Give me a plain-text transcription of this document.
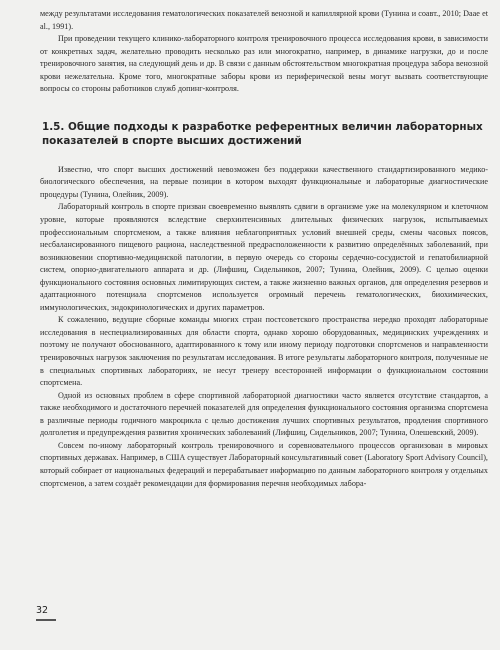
между результатами исследования гематологических показателей венозной и капиллярной крови (Тунина и соавт., 2010; Daae et al., 1991).

При проведении текущего клинико-лабораторного контроля тренировочного процесса исследования крови, в зависимости от конкретных задач, желательно проводить несколько раз или многократно, например, в динамике нагрузки, до и после тренировочного занятия, на следующий день и др. В связи с данным обстоятельством многократная процедура забора венозной крови нежелательна. Кроме того, многократные заборы крови из периферической вены могут вызвать соответствующие вопросы со стороны работников служб допинг-контроля.

1.5. Общие подходы к разработке референтных величин лабораторных показателей в спорте высших достижений

Известно, что спорт высших достижений невозможен без поддержки качественного стандартизированного медико-биологического обеспечения, на первые позиции в котором выходят функциональные и лабораторные диагностические процедуры (Тунина, Олейник, 2009).

Лабораторный контроль в спорте призван своевременно выявлять сдвиги в организме уже на молекулярном и клеточном уровне, которые проявляются вследствие сверхинтенсивных длительных физических нагрузок, испытываемых профессиональным спортсменом, а также влияния неблагоприятных условий внешней среды, смены часовых поясов, несбалансированного пищевого рациона, наследственной предрасположенности к развитию определённых заболеваний, при возникновении спортивно-медицинской патологии, в первую очередь со стороны сердечно-сосудистой и гепатобилиарной систем, опорно-двигательного аппарата и др. (Лифшиц, Сидельников, 2007; Тунина, Олейник, 2009). С целью оценки функционального состояния основных лимитирующих систем, а также жизненно важных органов, для определения резервов и адаптационного потенциала спортсменов используется огромный перечень гематологических, биохимических, иммунологических, эндокринологических и других параметров.

К сожалению, ведущие сборные команды многих стран постсоветского пространства нередко проходят лабораторные исследования в неспециализированных для области спорта, однако хорошо оборудованных, медицинских учреждениях и поэтому не получают обоснованного, адаптированного к тому или иному периоду подготовки спортсменов и направленности тренировочных нагрузок заключения по результатам исследования. В итоге результаты лабораторного контроля, полученные не в специальных спортивных лабораториях, не несут тренеру всесторонней информации о функциональном состоянии спортсмена.

Одной из основных проблем в сфере спортивной лабораторной диагностики часто является отсутствие стандартов, а также необходимого и достаточного перечней показателей для определения функционального состояния организма спортсмена в различные периоды годичного макроцикла с целью достижения лучших спортивных результатов, продления спортивного долголетия и предупреждения развития хронических заболеваний (Лифшиц, Сидельников, 2007; Тунина, Олешевский, 2009).

Совсем по-иному лабораторный контроль тренировочного и соревновательного процессов организован в мировых спортивных державах. Например, в США существует Лабораторный консультативный совет (Laboratory Sport Advisory Council), который собирает от национальных федераций и перерабатывает информацию по данным лабораторного контроля у отдельных спортсменов, а затем создаёт рекомендации для формирования перечня необходимых лабора-

32
